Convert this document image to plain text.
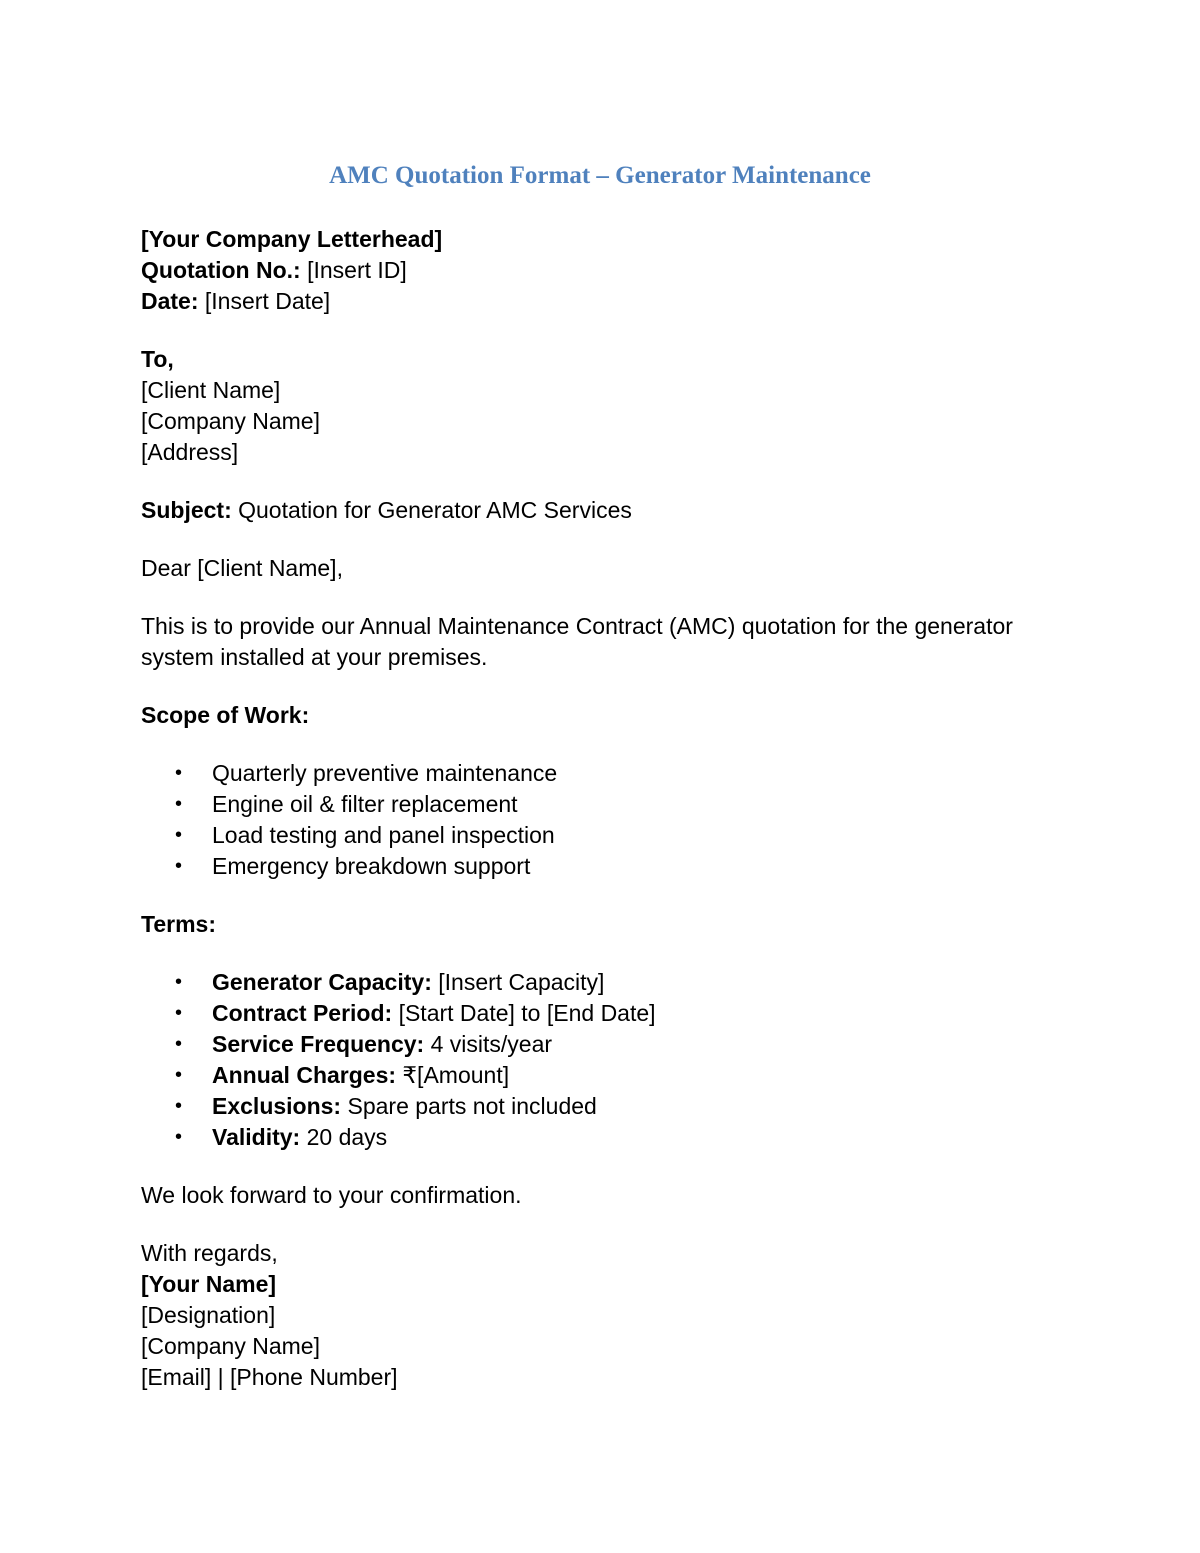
AMC Quotation Format – Generator Maintenance
[Your Company Letterhead]
Quotation No.: [Insert ID]
Date: [Insert Date]
To,
[Client Name]
[Company Name]
[Address]
Subject: Quotation for Generator AMC Services
Dear [Client Name],
This is to provide our Annual Maintenance Contract (AMC) quotation for the generator
system installed at your premises.
Scope of Work:
• Quarterly preventive maintenance
• Engine oil & filter replacement
• Load testing and panel inspection
• Emergency breakdown support
Terms:
• Generator Capacity: [Insert Capacity]
• Contract Period: [Start Date] to [End Date]
• Service Frequency: 4 visits/year
• Annual Charges: ₹[Amount]
• Exclusions: Spare parts not included
• Validity: 20 days
We look forward to your confirmation.
With regards,
[Your Name]
[Designation]
[Company Name]
[Email] | [Phone Number]
